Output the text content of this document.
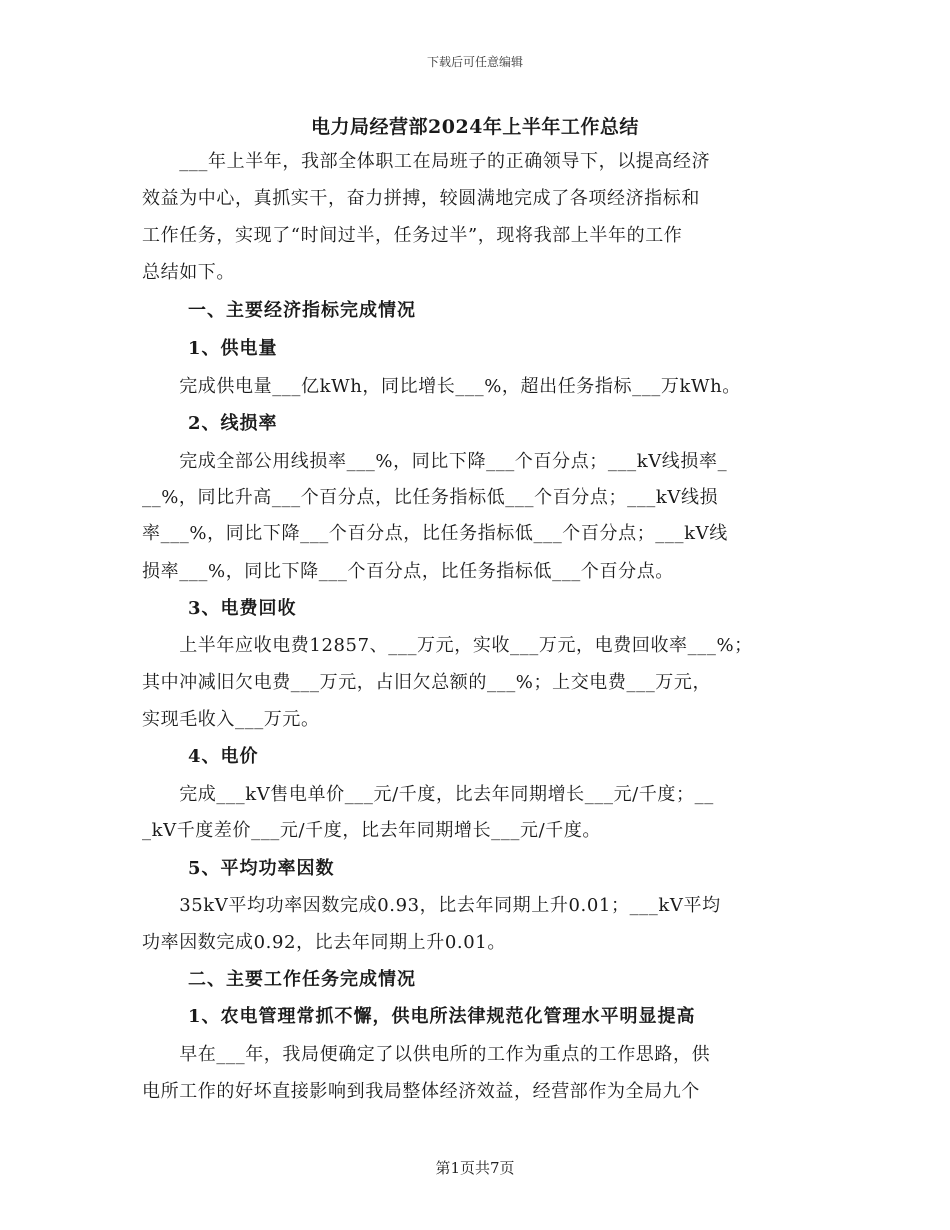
下载后可任意编辑
电力局经营部2024年上半年工作总结
　　___年上半年，我部全体职工在局班子的正确领导下，以提高经济
效益为中心，真抓实干，奋力拼搏，较圆满地完成了各项经济指标和
工作任务，实现了“时间过半，任务过半”，现将我部上半年的工作
总结如下。
一、主要经济指标完成情况
1、供电量
　　完成供电量___亿kWh，同比增长___%，超出任务指标___万kWh。
2、线损率
　　完成全部公用线损率___%，同比下降___个百分点；___kV线损率_
__%，同比升高___个百分点，比任务指标低___个百分点；___kV线损
率___%，同比下降___个百分点，比任务指标低___个百分点；___kV线
损率___%，同比下降___个百分点，比任务指标低___个百分点。
3、电费回收
　　上半年应收电费12857、___万元，实收___万元，电费回收率___%；
其中冲减旧欠电费___万元，占旧欠总额的___%；上交电费___万元，
实现毛收入___万元。
4、电价
　　完成___kV售电单价___元/千度，比去年同期增长___元/千度；__
_kV千度差价___元/千度，比去年同期增长___元/千度。
5、平均功率因数
　　35kV平均功率因数完成0.93，比去年同期上升0.01；___kV平均
功率因数完成0.92，比去年同期上升0.01。
二、主要工作任务完成情况
1、农电管理常抓不懈，供电所法律规范化管理水平明显提高
　　早在___年，我局便确定了以供电所的工作为重点的工作思路，供
电所工作的好坏直接影响到我局整体经济效益，经营部作为全局九个
第1页共7页
